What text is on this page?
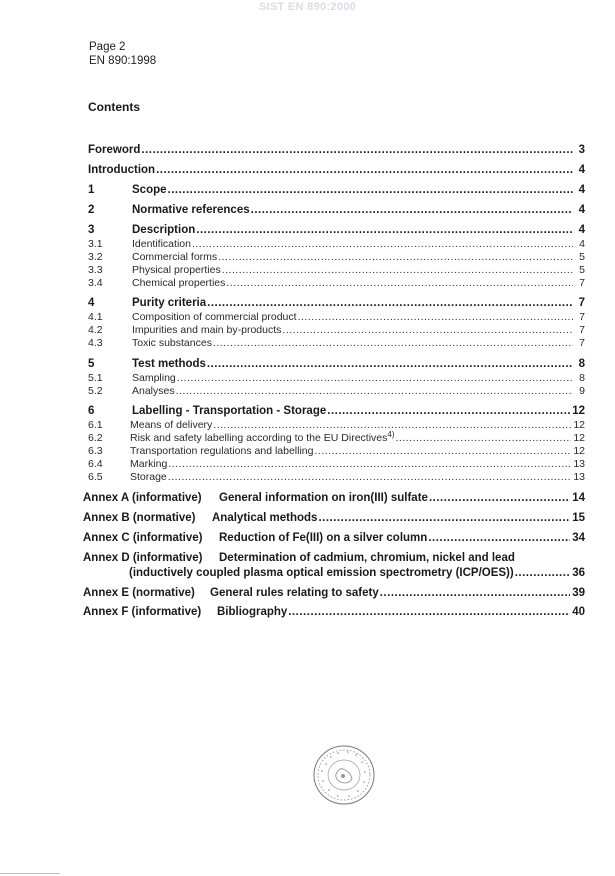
SIST EN 890:2000
Page 2
EN 890:1998
Contents
Foreword .....	3
Introduction .....	4
1	Scope .....	4
2	Normative references .....	4
3	Description .....	4
3.1	Identification .....	4
3.2	Commercial forms .....	5
3.3	Physical properties .....	5
3.4	Chemical properties .....	7
4	Purity criteria .....	7
4.1	Composition of commercial product .....	7
4.2	Impurities and main by-products .....	7
4.3	Toxic substances .....	7
5	Test methods .....	8
5.1	Sampling .....	8
5.2	Analyses .....	9
6	Labelling - Transportation - Storage .....	12
6.1	Means of delivery .....	12
6.2	Risk and safety labelling according to the EU Directives$^{4)}$ .....	12
6.3	Transportation regulations and labelling .....	12
6.4	Marking .....	13
6.5	Storage .....	13
Annex A (informative)	General information on iron(III) sulfate .....	14
Annex B (normative)	Analytical methods .....	15
Annex C (informative)	Reduction of Fe(III) on a silver column .....	34
Annex D (informative)	Determination of cadmium, chromium, nickel and lead
(inductively coupled plasma optical emission spectrometry (ICP/OES)) .....	36
Annex E (normative)	General rules relating to safety .....	39
Annex F (informative)	Bibliography .....	40
